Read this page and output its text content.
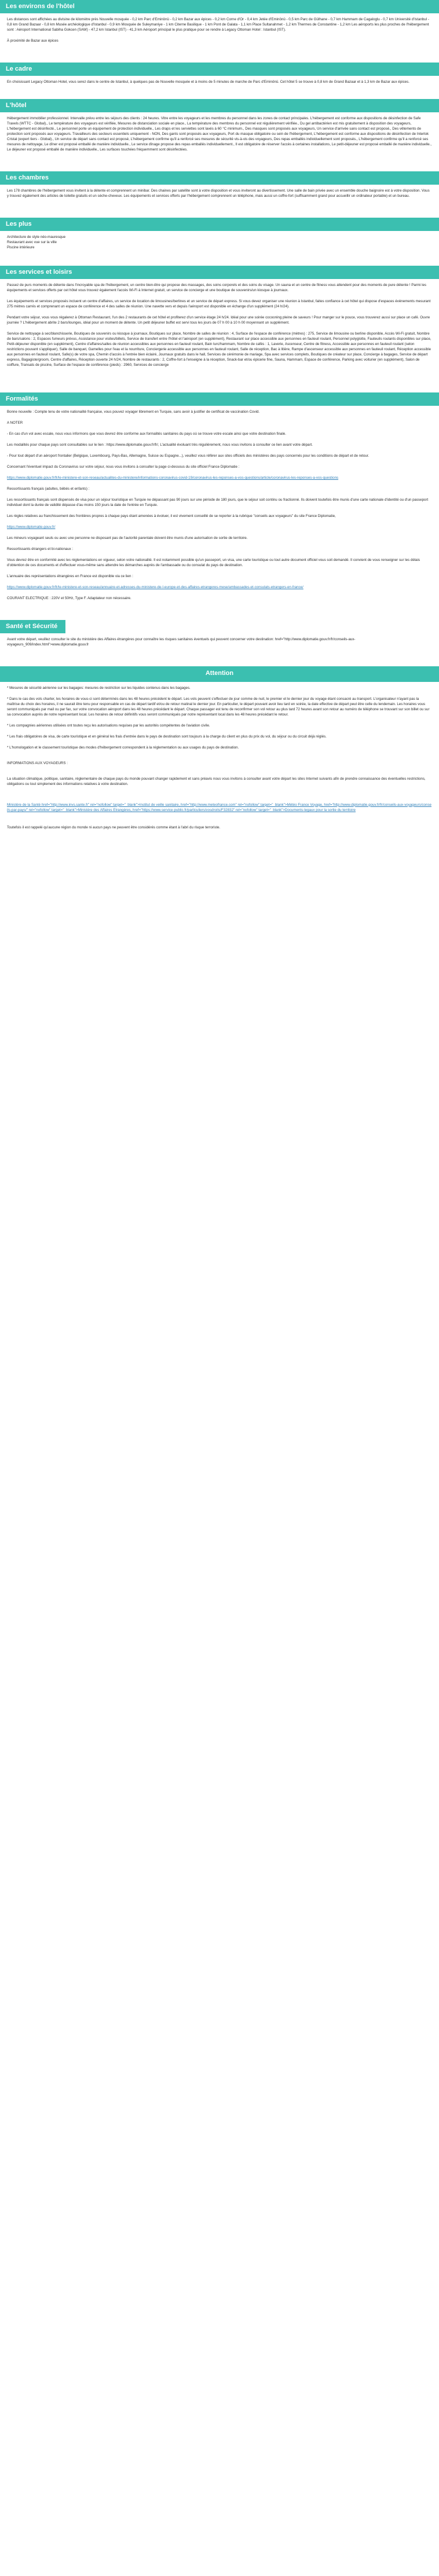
Les environs de l'hôtel

Les distances sont affichées au divisine de kilomètre près Nouvelle mosquée - 0,2 km Parc d'Eminönü - 0,2 km Bazar aux épices - 0,2 km Corne d'Or - 0,4 km Jetée d'Eminönü - 0,5 km Parc de Gülhane - 0,7 km Hammam de Cagaloglu - 0,7 km Université d'Istanbul - 0,8 km Grand Bazaar - 0,8 km Musée archéologique d'Istanbul - 0,9 km Mosquée de Suleymaniye - 1 km Citerne Basilique - 1 km Pont de Galata - 1,1 km Place Sultanahmet - 1,2 km Thermes de Constantine - 1,2 km Les aéroports les plus proches de l'hébergement sont : Aéroport International Sabiha Gokcen (SAW) - 47,2 km Istanbul (IST) - 41,3 km Aéroport principal le plus pratique pour se rendre à Legacy Ottoman Hotel : Istanbul (IST).

À proximité de Bazar aux épices

Le cadre

En choisissant Legacy Ottoman Hotel, vous serez dans le centre de Istanbul, à quelques pas de Nouvelle mosquée et à moins de 5 minutes de marche de Parc d'Eminönü. Cet hôtel 5 se trouve à 0,8 km de Grand Bazaar et à 1,3 km de Bazar aux épices.

L'hôtel

Hébergement immobilier professionnel. Intervalle prévu entre les séjours des clients : 24 heures. Vitre entre les voyageurs et les membres du personnel dans les zones de contact principales. L'hébergement est conforme aux dispositions de désinfection de Safe Travels (WTTC - Global)., Le température des voyageurs est vérifiée, Mesures de distanciation sociale en place., La température des membres du personnel est régulièrement vérifiée., Du gel antibactérien est mis gratuitement à disposition des voyageurs, L'hébergement est désinfecté., Le personnel porte un équipement de protection individuelle., Les draps et les serviettes sont lavés à 60 °C minimum., Des masques sont proposés aux voyageurs, Un service d'arrivée sans contact est proposé., Des vêtements de protection sont proposés aux voyageurs. Travailleurs des secteurs essentiels uniquement - NON, Des gants sont proposés aux voyageurs, Port du masque obligatoire ou sein de l'hébergement, L'hébergement est conforme aux dispositions de désinfection de Interlok Cristal (expert tiers - Global)., Un service de départ sans contact est proposé, L'hébergement confirme qu'il a renforcé ses mesures de sécurité vis-à-vis des voyageurs, Des repas emballés individuellement sont proposés., L'hébergement confirme qu'il a renforcé ses mesures de nettoyage, Le dîner est proposé emballé de manière individuelle., Le service dînage propose des repas emballés individuellement., Il est obligatoire de réserver l'accès à certaines installations, Le petit-déjeuner est proposé emballé de manière individuelle., Le déjeuner est proposé emballé de manière individuelle., Les surfaces touchées fréquemment sont désinfectées.

Les chambres

Les 178 chambres de l'hébergement vous invitent à la détente et comprennent un minibar. Des chaines par satellite sont à votre disposition et vous inviteront au divertissement. Une salle de bain privée avec un ensemble douche baignoire est à votre disposition. Vous y trouvez également des articles de toilette gratuits et un sèche-cheveux. Les équipements et services offerts par l'hébergement comprennent un téléphone, mais aussi un coffre-fort (suffisamment grand pour accueillir un ordinateur portable) et un bureau.

Les plus

Architecture de style néo-mauresque

Restaurant avec vue sur la ville

Piscine intérieure

Les services et loisirs

Passez de purs moments de détente dans l'incroyable spa de l'hébergement, un centre bien-être qui propose des massages, des soins corporels et des soins du visage. Un sauna et un centre de fitness vous attendent pour des moments de pure détente ! Parmi les équipements et services offerts par cet hôtel vous trouvez également l'accès Wi-Fi à Internet gratuit, un service de concierge et une boutique de souvenirs/un kiosque à journaux.

Les équipements et services proposés incluent un centre d'affaires, un service de location de limousines/berlines et un service de départ express. Si vous devez organiser une réunion à Istanbul, faites confiance à cet hôtel qui dispose d'espaces événements mesurant 275 mètres carrés et comprenant un espace de conférence et 4 des salles de réunion. Une navette vers et depuis l'aéroport est disponible en échange d'un supplément (24 h/24).

Pendant votre séjour, vous vous régalerez à Ottoman Restaurant, l'un des 2 restaurants de cet hôtel et profiterez d'un service étage 24 h/24. Idéal pour une soirée cocooning pleine de saveurs ! Pour manger sur le pouce, vous trouverez aussi sur place un café. Ouvre journée ? L'hébergement abrite 2 bars/lounges, idéal pour un moment de détente. Un petit déjeuner buffet est servi tous les jours de 07 h 00 à 10 h 00 moyennant un supplément.

Service de nettoyage à sec/blanchisserie, Boutiques de souvenirs ou kiosque à journaux, Boutiques sur place, Nombre de salles de réunion : 4, Surface de l'espace de conférence (mètres) : 275, Service de limousine ou berline disponible, Accès Wi-Fi gratuit, Nombre de bars/salons : 2, Espaces fumeurs prévus, Assistance pour visites/billets, Service de transfert entre l'hôtel et l'aéroport (en supplément), Restaurant sur place accessible aux personnes en fauteuil roulant, Personnel polyglotte, Fauteuils roulants disponibles sur place, Petit-déjeuner disponible (en supplément), Centre d'affaires/salles de réunion accessibles aux personnes en fauteuil roulant, Bain turc/hammam, Nombre de cafés : 1, Laverie, Ascenseur, Centre de fitness, Accessible aux personnes en fauteuil roulant (selon restrictions pouvant s'appliquer), Salle de banquet, Gamelles pour l'eau et la nourriture, Conciergerie accessible aux personnes en fauteuil roulant, Salle de réception, Bac à litière, Rampe d'ascenseur accessible aux personnes en fauteuil roulant, Réception accessible aux personnes en fauteuil roulant, Safe(s) de votre spa, Chemin d'accès à l'entrée bien éclairé, Journaux gratuits dans le hall, Services de cérémonie de mariage, Spa avec services complets, Boutiques de créateur sur place, Concierge à bagages, Service de départ express, Bagagiste/groom, Centre d'affaires, Réception ouverte 24 h/24, Nombre de restaurants : 2, Coffre-fort à l'enseigne à la réception, Snack-bar et/ou épicerie fine, Sauna, Hammam, Espace de conférence, Parking avec voiturier (en supplément), Salon de coiffure, Transats de piscine, Surface de l'espace de conférence (pieds) : 2960, Services de concierge

Formalités

Bonne nouvelle : Compte tenu de votre nationalité française, vous pouvez voyager librement en Turquie, sans avoir à justifier de certificat de vaccination Covid.

A NOTER

- En cas d'un vol avec escale, nous vous informons que vous devrez être conforme aux formalités sanitaires du pays où se trouve votre escale ainsi que votre destination finale.

Les modalités pour chaque pays sont consultables sur le lien : https://www.diplomatie.gouv.fr/fr/, L'actualité évoluant très régulièrement, nous vous invitons à consulter ce lien avant votre départ.

- Pour tout départ d'un aéroport frontalier (Belgique, Luxembourg, Pays-Bas, Allemagne, Suisse ou Espagne...), veuillez vous référer aux sites officiels des ministères des pays concernés pour les conditions de départ et de retour.

Concernant l'éventuel impact du Coronavirus sur votre séjour, nous vous invitons à consulter la page ci-dessous du site officiel France Diplomatie :

https://www.diplomatie.gouv.fr/fr/le-ministere-et-son-reseau/actualites-du-ministere/informations-coronavirus-covid-19/coronavirus-les-reponses-a-vos-questions/article/coronavirus-les-reponses-a-vos-questions

Ressortissants français (adultes, bébés et enfants) :

Les ressortissants français sont dispensés de visa pour un séjour touristique en Turquie ne dépassant pas 90 jours sur une période de 180 jours, que le séjour soit continu ou fractionné. Ils doivent toutefois être munis d'une carte nationale d'identité ou d'un passeport individuel dont la durée de validité dépasse d'au moins 150 jours la date de l'entrée en Turquie.

Les règles relatives au franchissement des frontières propres à chaque pays étant amenées à évoluer, il est vivement conseillé de se reporter à la rubrique "conseils aux voyageurs" du site France Diplomatie,

https://www.diplomatie.gouv.fr/

Les mineurs voyageant seuls ou avec une personne ne disposant pas de l'autorité parentale doivent être munis d'une autorisation de sortie de territoire.

Ressortissants étrangers et bi-nationaux :

Vous devrez être en conformité avec les réglementations en vigueur, selon votre nationalité. Il est notamment possible qu'un passeport, un visa, une carte touristique ou tout autre document officiel vous soit demandé. Il convient de vous renseigner sur les délais d'obtention de ces documents et d'effectuer vous-même sans attendre les démarches auprès de l'ambassade ou du consulat du pays de destination.

L'annuaire des représentations étrangères en France est disponible via ce lien :

https://www.diplomatie.gouv.fr/fr/le-ministere-et-son-reseau/annuaire-et-adresses-du-ministere-de-l-europe-et-des-affaires-etrangeres-mese/ambassades-et-consulats-etrangers-en-france/

COURANT ELECTRIQUE : 220V et 50Hz, Type F. Adaptateur non nécessaire.

Santé et Sécurité

Avant votre départ, veuillez consulter le site du ministère des Affaires étrangères pour connaître les risques sanitaires éventuels qui peuvent concerner votre destination: href="http://www.diplomatie.gouv.fr/fr/conseils-aux-voyageurs_909/index.html">www.diplomatie.gouv.fr

Attention

* Mesures de sécurité aérienne sur les bagages: mesures de restriction sur les liquides contenus dans les bagages.

* Dans le cas des vols charter, les horaires de vous-ci sont déterminés dans les 48 heures précédent le départ. Les vols peuvent s'effectuer de jour comme de nuit, le premier et le dernier jour du voyage étant consacré au transport. L'organisateur n'ayant pas la maîtrise du choix des horaires, il ne saurait être tenu pour responsable en cas de départ tardif et/ou de retour matinal le dernier jour. En particulier, le départ pouvant avoir lieu tard en soirée, la date effective de départ peut être celle du lendemain. Les horaires vous seront communiqués par mail ou par fax, sur votre convocation aéroport dans les 48 heures précédant le départ. Chaque passager est tenu de reconfirmer son vol retour au plus tard 72 heures avant son retour au numéro de téléphone se trouvant sur son billet ou sur sa convocation auprès de notre représentant local. Les horaires de retour définitifs vous seront communiqués par notre représentant local dans les 48 heures précédant le retour.

* Les compagnies aériennes utilisées ont toutes reçu les autorisations requises par les autorités compétentes de l'aviation civile.

* Les frais obligatoires de visa, de carte touristique et en général les frais d'entrée dans le pays de destination sont toujours à la charge du client en plus du prix du vol, du séjour ou du circuit déjà réglés.

* L'homologation et le classement touristique des modes d'hébergement correspondent à la réglementation ou aux usages du pays de destination.

INFORMATIONS AUX VOYAGEURS :

La situation climatique, politique, sanitaire, réglementaire de chaque pays du monde pouvant changer rapidement et sans préavis nous vous invitons à consulter avant votre départ les sites Internet suivants afin de prendre connaissance des éventuelles restrictions, obligations ou tout simplement des informations relatives à votre destination.

Ministère de la Santé href="http://www.invs.sante.fr" rel="nofollow" target="_blank">Institut de veille sanitaire, href="http://www.meteofrance.com" rel="nofollow" target="_blank">Météo France Voyage, href="http://www.diplomatie.gouv.fr/fr/conseils-aux-voyageurs/conseils-par-pays/" rel="nofollow" target="_blank">Ministère des Affaires Etrangères, href="https://www.service-public.fr/particuliers/vosdroits/F32832" rel="nofollow" target="_blank">Documents-legaux pour la sortie du territoire

Toutefois il est rappelé qu'aucune région du monde ni aucun pays ne peuvent être considérés comme étant à l'abri du risque terroriste.
